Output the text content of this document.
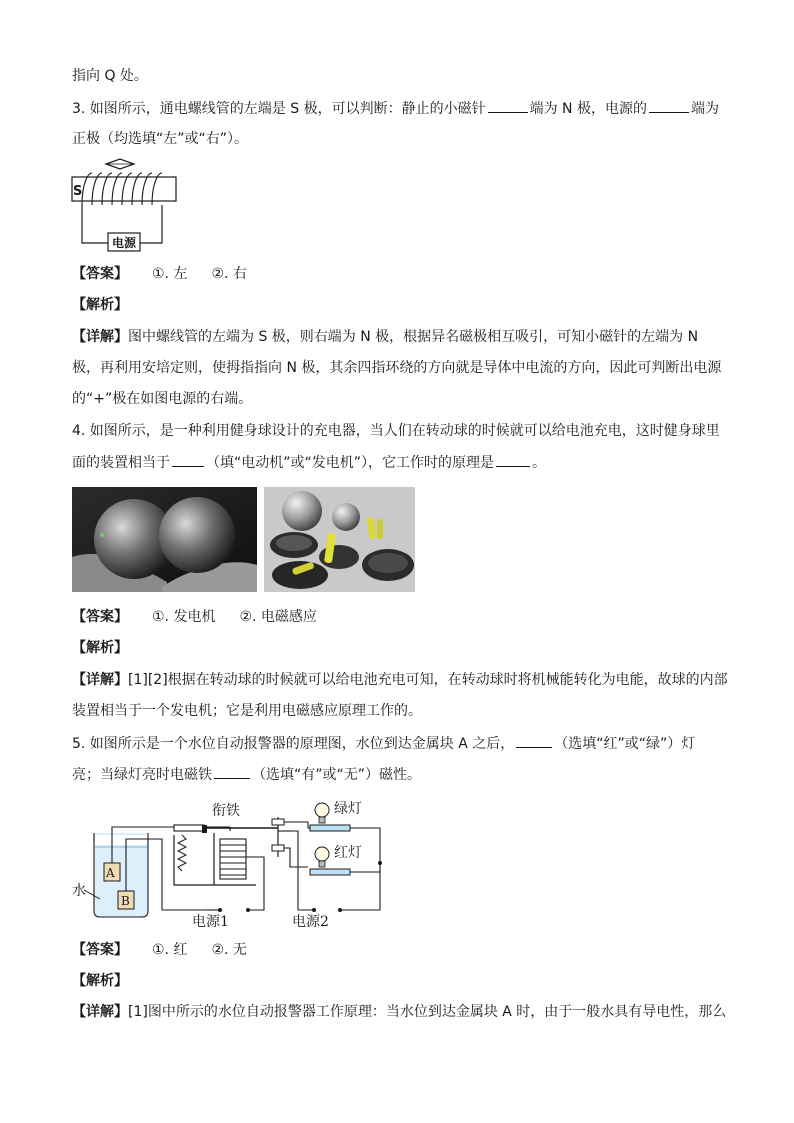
指向 Q 处。
3. 如图所示，通电螺线管的左端是 S 极，可以判断：静止的小磁针	端为 N 极，电源的	端为
正极（均选填“左”或“右”）。
S
电源
【答案】 ①. 左 ②. 右
【解析】
【详解】图中螺线管的左端为 S 极，则右端为 N 极，根据异名磁极相互吸引，可知小磁针的左端为 N
极，再利用安培定则，使拇指指向 N 极，其余四指环绕的方向就是导体中电流的方向，因此可判断出电源
的“+”极在如图电源的右端。
4. 如图所示，是一种利用健身球设计的充电器，当人们在转动球的时候就可以给电池充电，这时健身球里
面的装置相当于	（填“电动机”或“发电机”），它工作时的原理是	。
【答案】 ①. 发电机 ②. 电磁感应
【解析】
【详解】[1][2]根据在转动球的时候就可以给电池充电可知，在转动球时将机械能转化为电能，故球的内部
装置相当于一个发电机；它是利用电磁感应原理工作的。
5. 如图所示是一个水位自动报警器的原理图，水位到达金属块 A 之后，	（选填“红”或“绿”）灯
亮；当绿灯亮时电磁铁	（选填“有”或“无”）磁性。
A
B
水
衔铁
电源1
绿灯
红灯
电源2
【答案】 ①. 红 ②. 无
【解析】
【详解】[1]图中所示的水位自动报警器工作原理：当水位到达金属块 A 时，由于一般水具有导电性，那么
